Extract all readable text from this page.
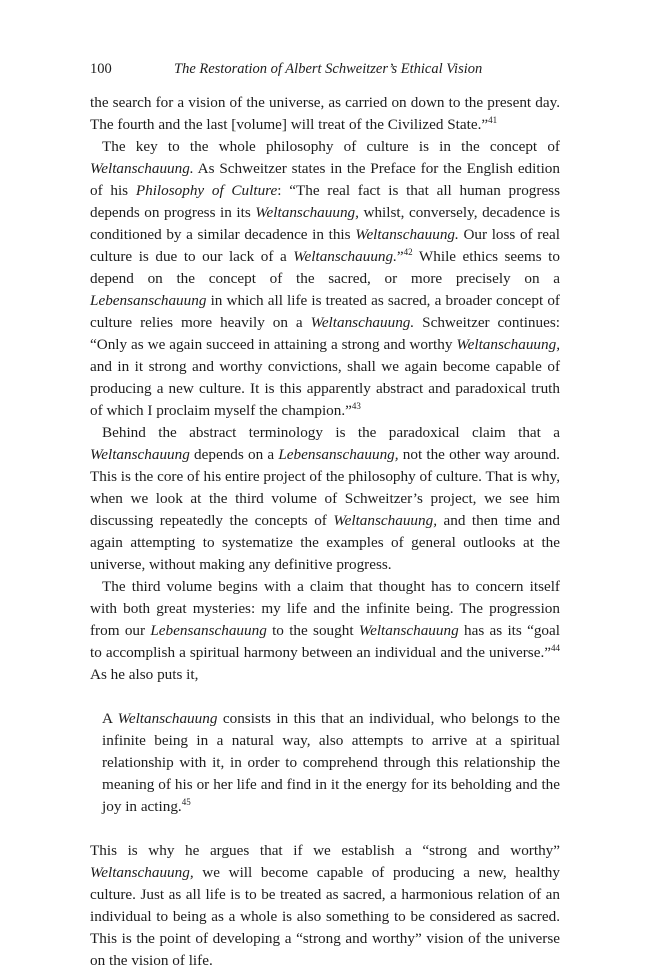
100	The Restoration of Albert Schweitzer’s Ethical Vision

the search for a vision of the universe, as carried on down to the present day. The fourth and the last [volume] will treat of the Civilized State.”$^{41}$

The key to the whole philosophy of culture is in the concept of Weltanschauung. As Schweitzer states in the Preface for the English edition of his Philosophy of Culture: “The real fact is that all human progress depends on progress in its Weltanschauung, whilst, conversely, decadence is conditioned by a similar decadence in this Weltanschauung. Our loss of real culture is due to our lack of a Weltanschauung.”$^{42}$ While ethics seems to depend on the concept of the sacred, or more precisely on a Lebensanschauung in which all life is treated as sacred, a broader concept of culture relies more heavily on a Weltanschauung. Schweitzer continues: “Only as we again succeed in attaining a strong and worthy Weltanschauung, and in it strong and worthy convictions, shall we again become capable of producing a new culture. It is this apparently abstract and paradoxical truth of which I proclaim myself the champion.”$^{43}$

Behind the abstract terminology is the paradoxical claim that a Weltanschauung depends on a Lebensanschauung, not the other way around. This is the core of his entire project of the philosophy of culture. That is why, when we look at the third volume of Schweitzer’s project, we see him discussing repeatedly the concepts of Weltanschauung, and then time and again attempting to systematize the examples of general outlooks at the universe, without making any definitive progress.

The third volume begins with a claim that thought has to concern itself with both great mysteries: my life and the infinite being. The progression from our Lebensanschauung to the sought Weltanschauung has as its “goal to accomplish a spiritual harmony between an individual and the universe.”$^{44}$ As he also puts it,

A Weltanschauung consists in this that an individual, who belongs to the infinite being in a natural way, also attempts to arrive at a spiritual relationship with it, in order to comprehend through this relationship the meaning of his or her life and find in it the energy for its beholding and the joy in acting.$^{45}$

This is why he argues that if we establish a “strong and worthy” Weltanschauung, we will become capable of producing a new, healthy culture. Just as all life is to be treated as sacred, a harmonious relation of an individual to being as a whole is also something to be considered as sacred. This is the point of developing a “strong and worthy” vision of the universe on the vision of life.
